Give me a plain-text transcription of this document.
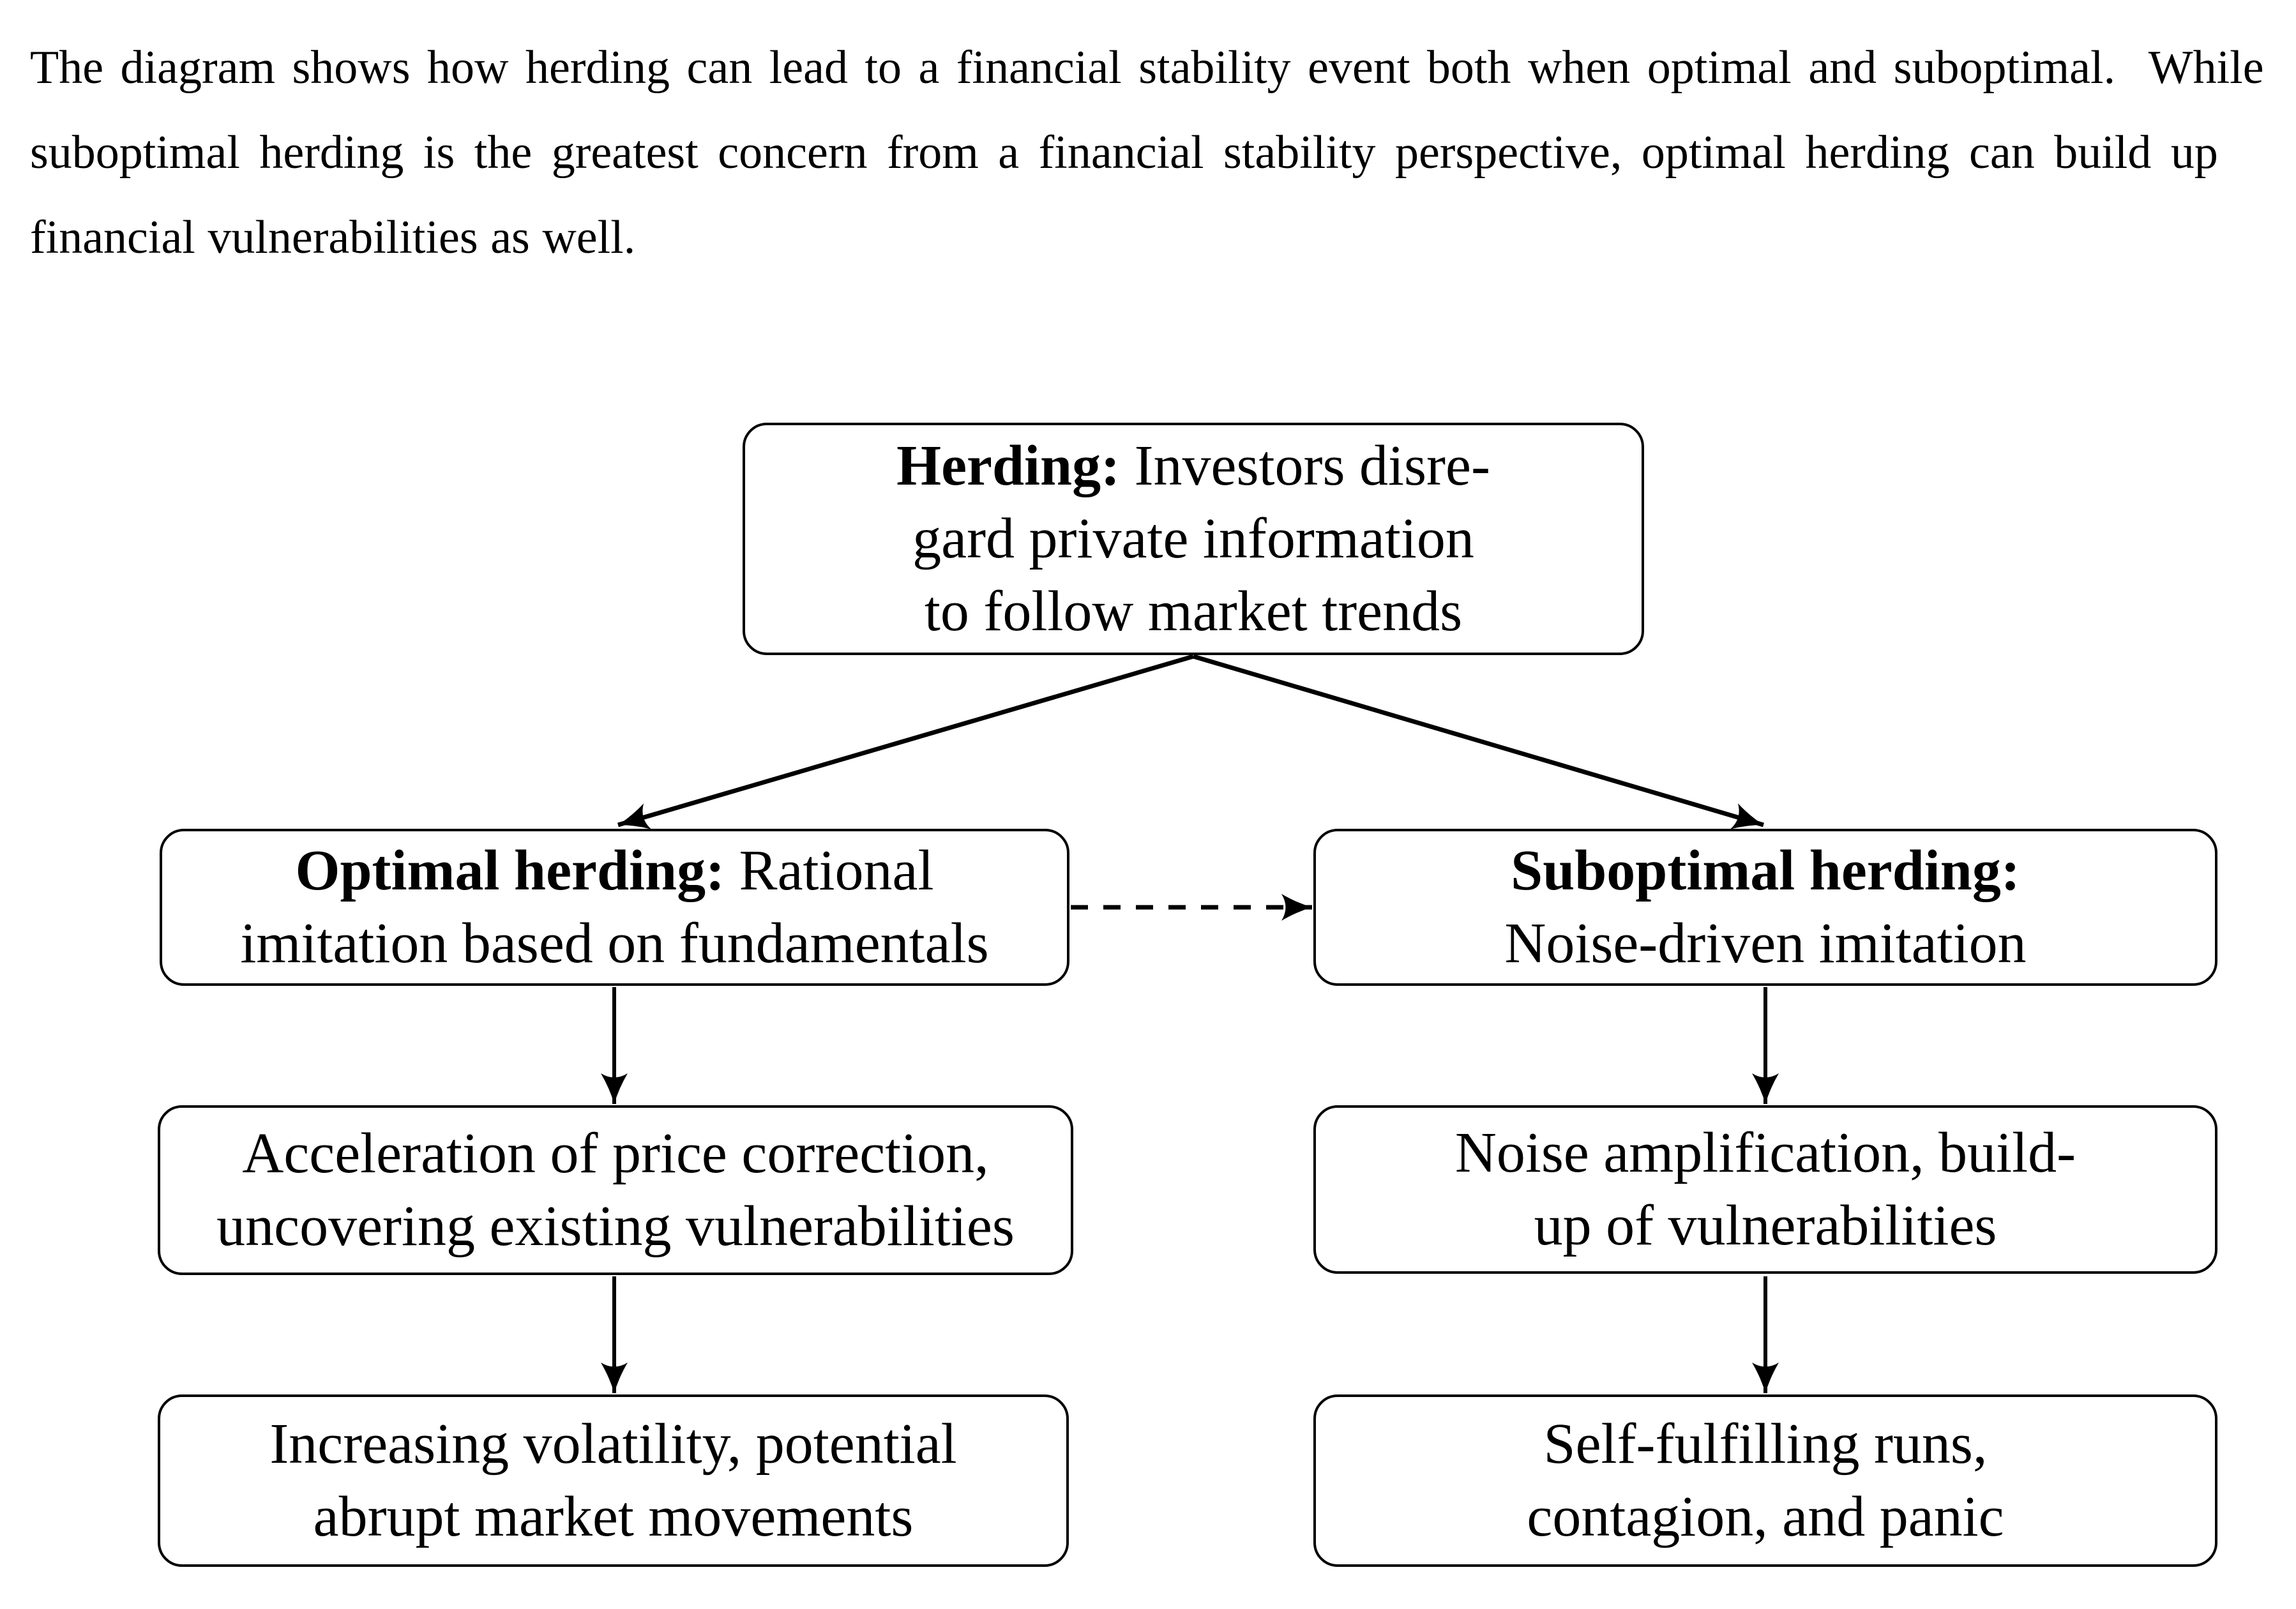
The diagram shows how herding can lead to a financial stability event both when optimal and suboptimal.  While
suboptimal herding is the greatest concern from a financial stability perspective, optimal herding can build up
financial vulnerabilities as well.
Herding: Investors disre-
gard private information
to follow market trends
Optimal herding: Rational
imitation based on fundamentals
Suboptimal herding:
Noise-driven imitation
Acceleration of price correction,
uncovering existing vulnerabilities
Noise amplification, build-
up of vulnerabilities
Increasing volatility, potential
abrupt market movements
Self-fulfilling runs,
contagion, and panic
